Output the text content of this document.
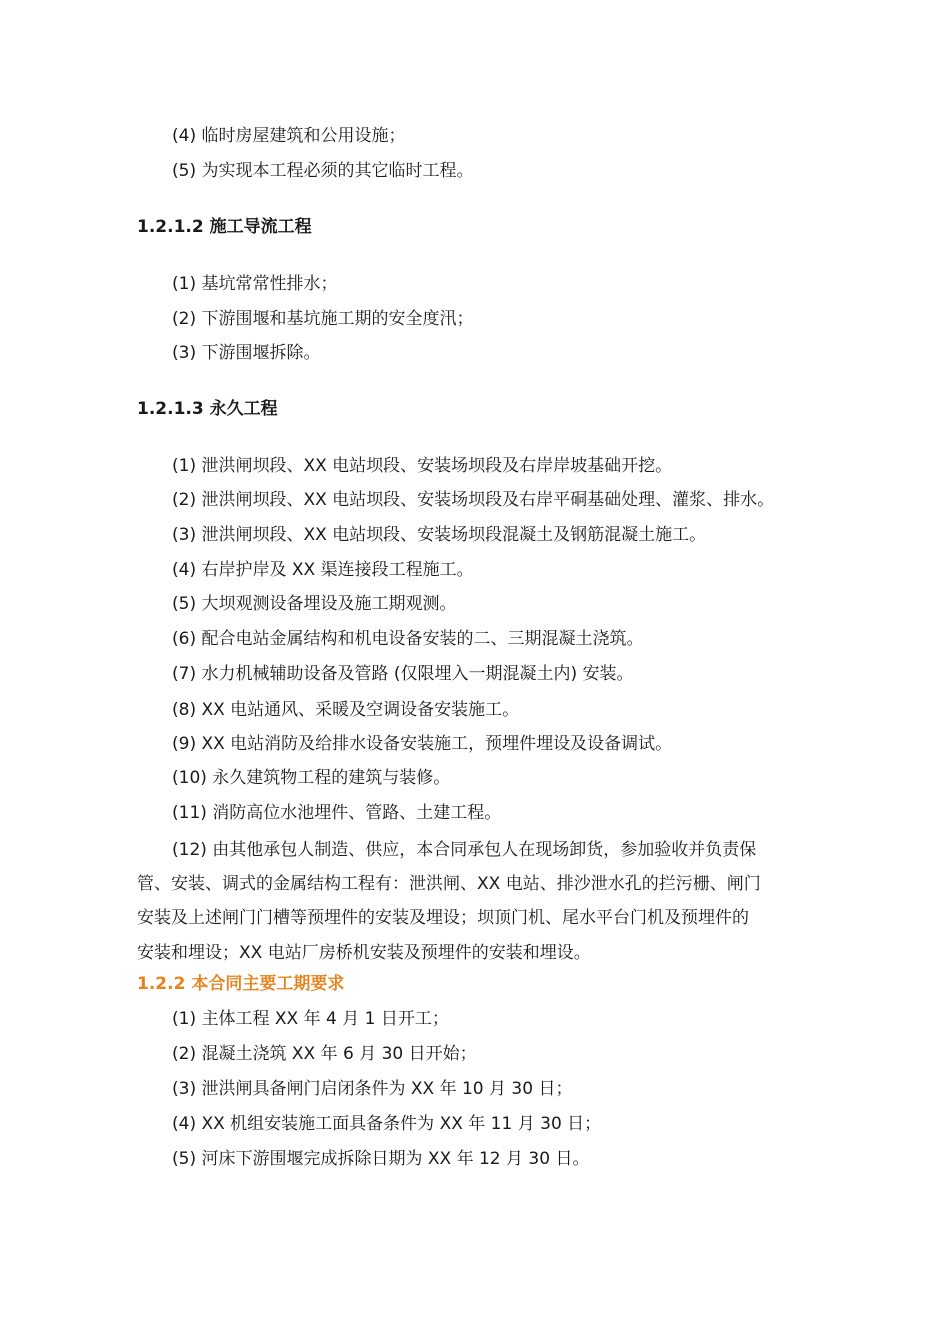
(4) 临时房屋建筑和公用设施；
(5) 为实现本工程必须的其它临时工程。
1.2.1.2 施工导流工程
(1) 基坑常常性排水；
(2) 下游围堰和基坑施工期的安全度汛；
(3) 下游围堰拆除。
1.2.1.3 永久工程
(1) 泄洪闸坝段、XX 电站坝段、安装场坝段及右岸岸坡基础开挖。
(2) 泄洪闸坝段、XX 电站坝段、安装场坝段及右岸平硐基础处理、灌浆、排水。
(3) 泄洪闸坝段、XX 电站坝段、安装场坝段混凝土及钢筋混凝土施工。
(4) 右岸护岸及 XX 渠连接段工程施工。
(5) 大坝观测设备埋设及施工期观测。
(6) 配合电站金属结构和机电设备安装的二、三期混凝土浇筑。
(7) 水力机械辅助设备及管路 (仅限埋入一期混凝土内) 安装。
(8) XX 电站通风、采暖及空调设备安装施工。
(9) XX 电站消防及给排水设备安装施工，预埋件埋设及设备调试。
(10) 永久建筑物工程的建筑与装修。
(11) 消防高位水池埋件、管路、土建工程。
(12) 由其他承包人制造、供应，本合同承包人在现场卸货，参加验收并负责保
管、安装、调式的金属结构工程有：泄洪闸、XX 电站、排沙泄水孔的拦污栅、闸门
安装及上述闸门门槽等预埋件的安装及埋设；坝顶门机、尾水平台门机及预埋件的
安装和埋设；XX 电站厂房桥机安装及预埋件的安装和埋设。
1.2.2 本合同主要工期要求
(1) 主体工程 XX 年 4 月 1 日开工；
(2) 混凝土浇筑 XX 年 6 月 30 日开始；
(3) 泄洪闸具备闸门启闭条件为 XX 年 10 月 30 日；
(4) XX 机组安装施工面具备条件为 XX 年 11 月 30 日；
(5) 河床下游围堰完成拆除日期为 XX 年 12 月 30 日。
